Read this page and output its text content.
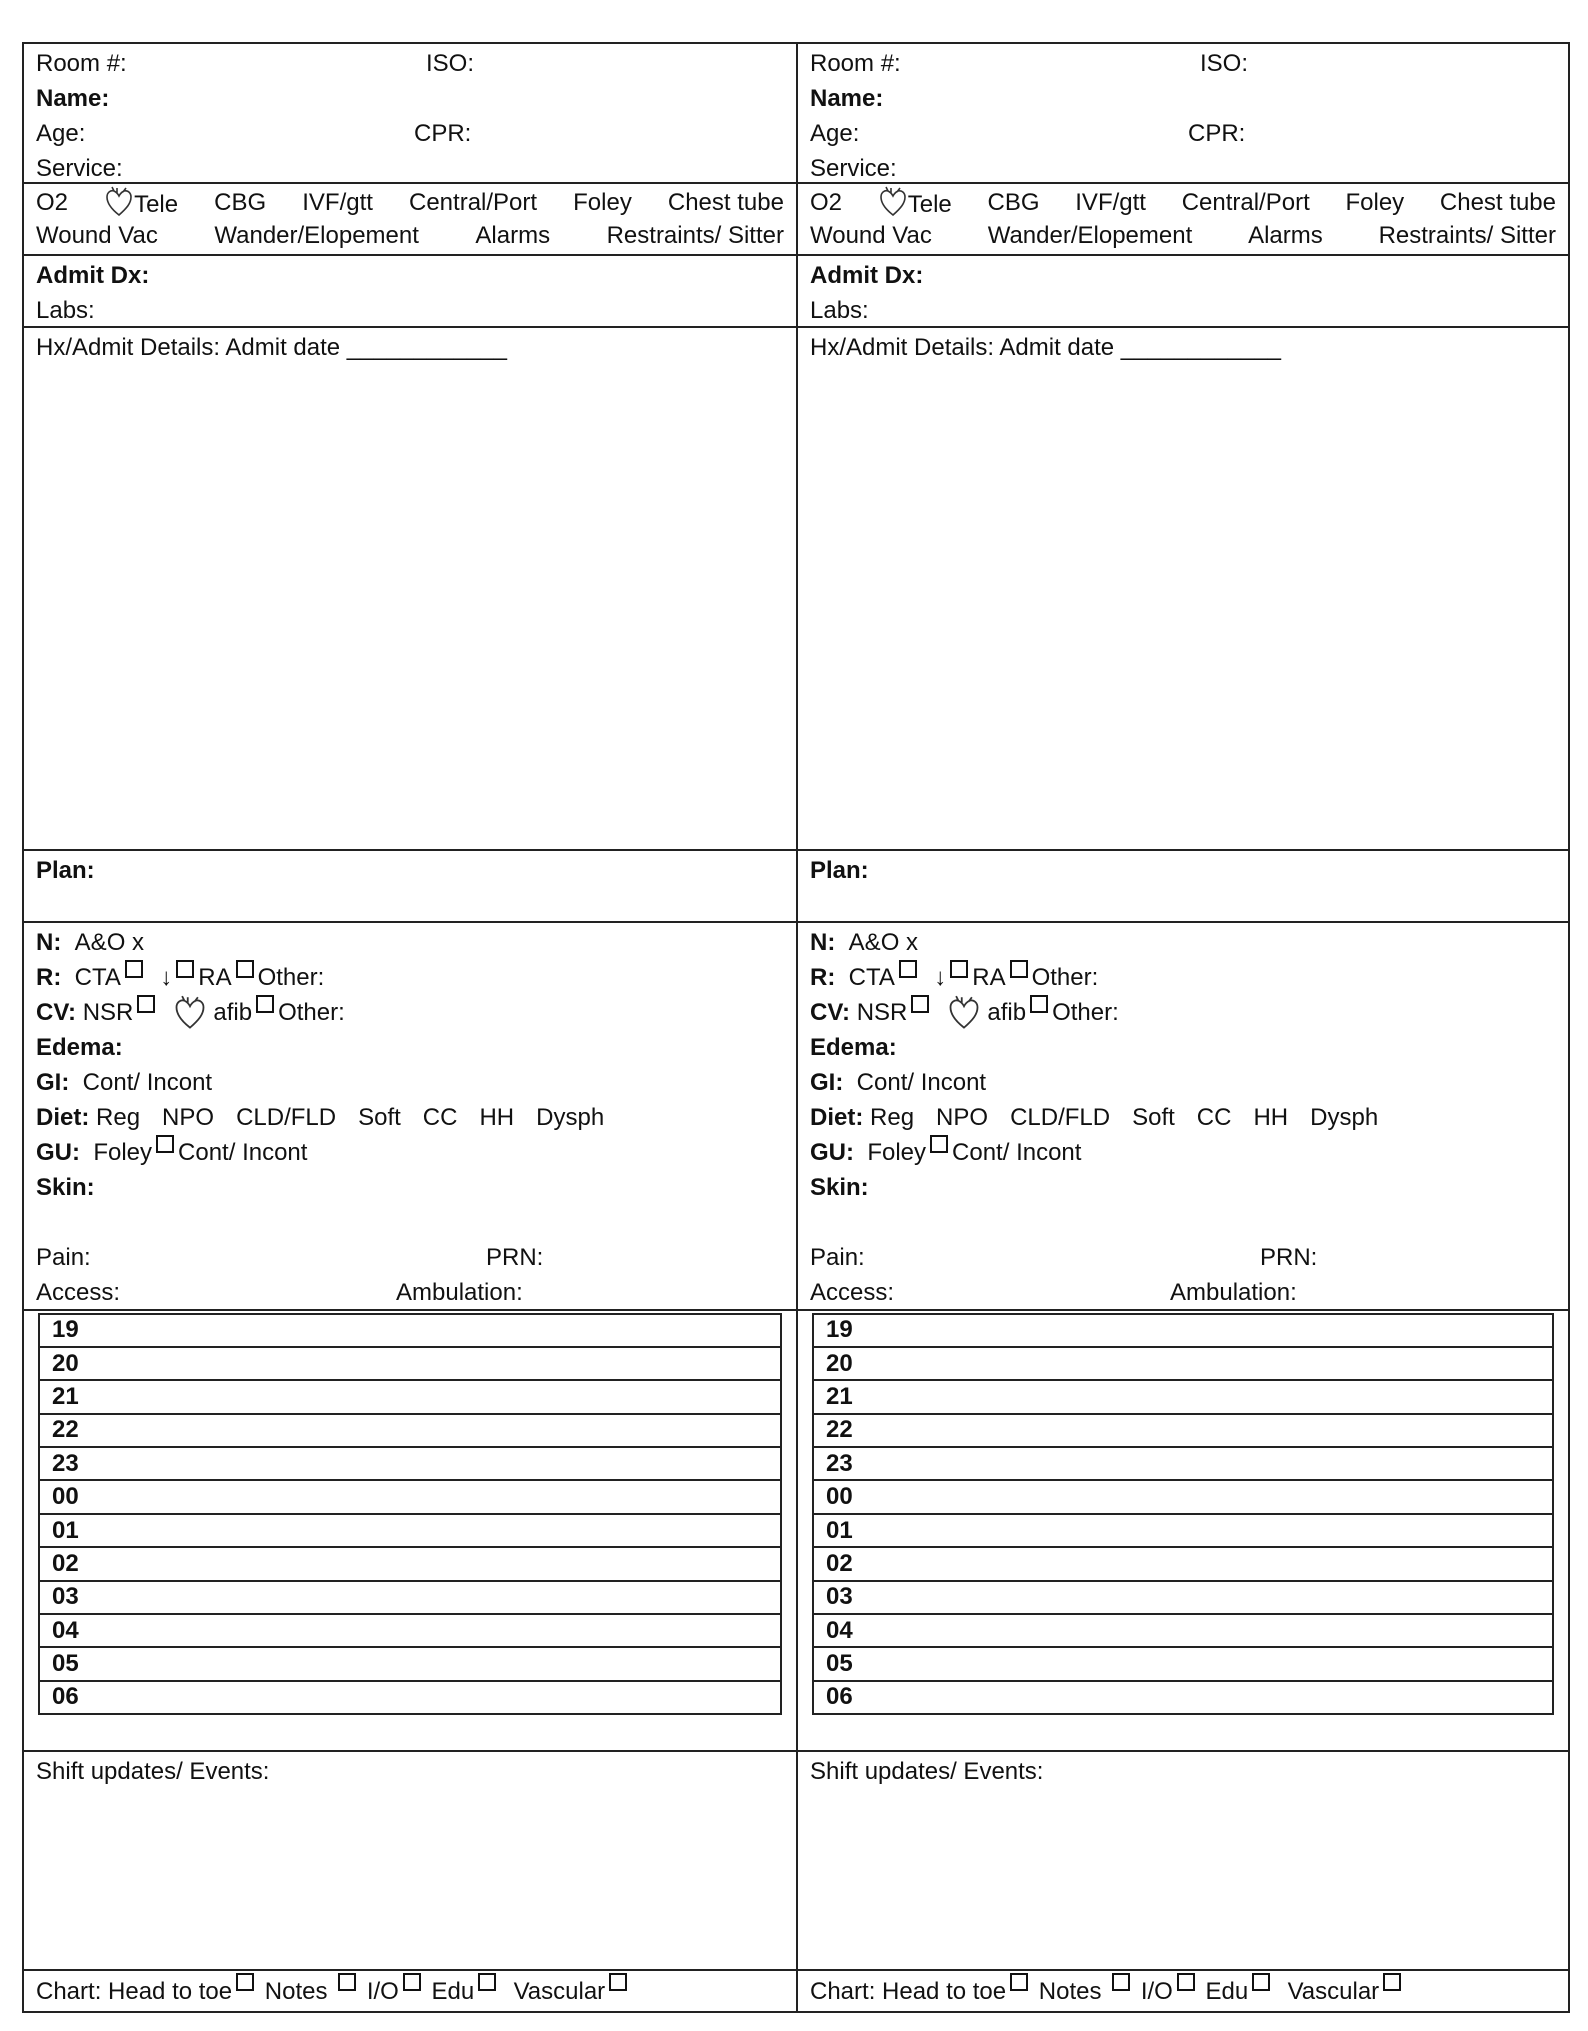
Room #:	ISO:
Name:
Age:	CPR:
Service:
O2	Tele CBG IVF/gtt Central/Port Foley Chest tube
Wound Vac Wander/Elopement Alarms Restraints/ Sitter
Admit Dx:
Labs:
Hx/Admit Details: Admit date ____________
Plan:
N:
A&O x
R:
CTA
↓ RA Other:
CV:
NSR

	afib Other:
Edema:
GI:
Cont/ Incont
Diet:
Reg NPO CLD/FLD Soft CC HH Dysph
GU:
Foley Cont/ Incont
Skin:
Pain:	PRN:
Access:	Ambulation:
19
20
21
22
23
00
01
02
03
04
05
06
Shift updates/ Events:
Chart: Head to toe
Notes

I/O
Edu
Vascular
Room #:	ISO:
Name:
Age:	CPR:
Service:
O2	Tele CBG IVF/gtt Central/Port Foley Chest tube
Wound Vac Wander/Elopement Alarms Restraints/ Sitter
Admit Dx:
Labs:
Hx/Admit Details: Admit date ____________
Plan:
N:
A&O x
R:
CTA
↓ RA Other:
CV:
NSR

	afib Other:
Edema:
GI:
Cont/ Incont
Diet:
Reg NPO CLD/FLD Soft CC HH Dysph
GU:
Foley Cont/ Incont
Skin:
Pain:	PRN:
Access:	Ambulation:
19
20
21
22
23
00
01
02
03
04
05
06
Shift updates/ Events:
Chart: Head to toe
Notes

I/O
Edu
Vascular
